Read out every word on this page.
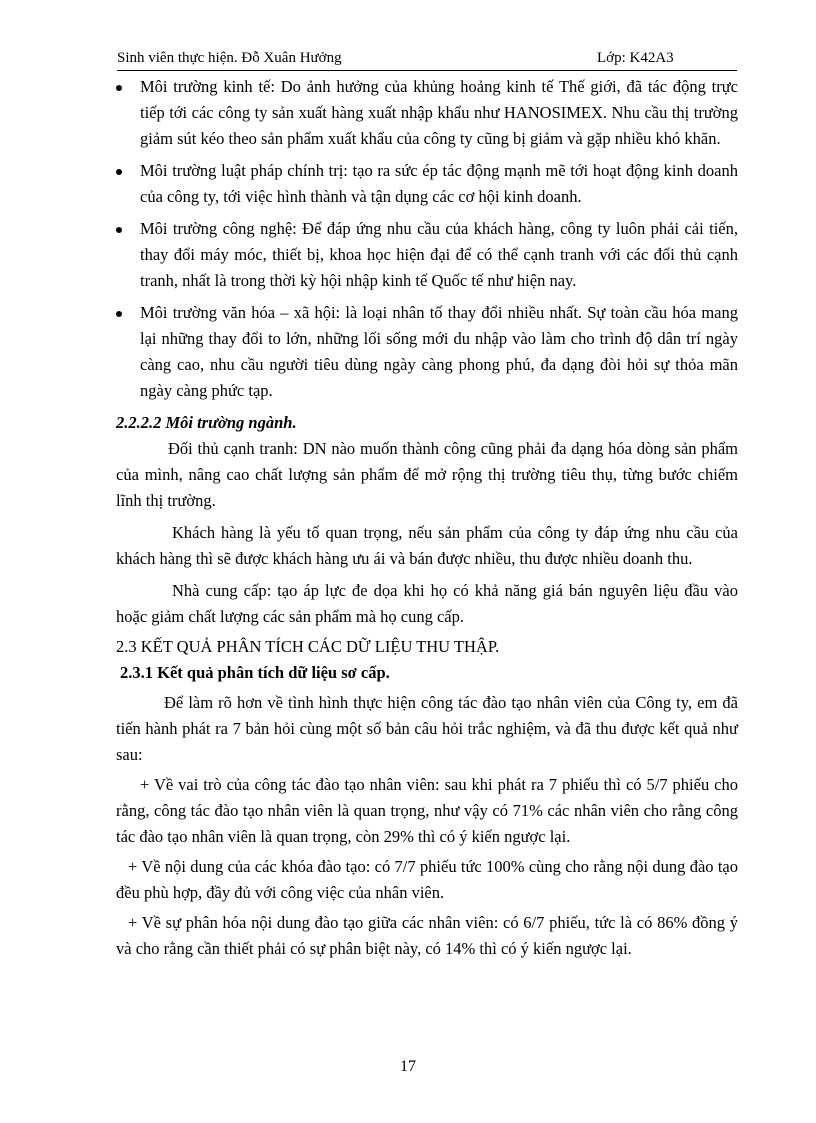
Sinh viên thực hiện. Đỗ Xuân Hưởng	Lớp: K42A3

Môi trường kinh tế: Do ảnh hưởng của khủng hoảng kinh tế Thế giới, đã tác động trực tiếp tới các công ty sản xuất hàng xuất nhập khẩu như HANOSIMEX. Nhu cầu thị trường giảm sút kéo theo sản phẩm xuất khẩu của công ty cũng bị giảm và gặp nhiều khó khăn.

Môi trường luật pháp chính trị: tạo ra sức ép tác động mạnh mẽ tới hoạt động kinh doanh của công ty, tới việc hình thành và tận dụng các cơ hội kinh doanh.

Môi trường công nghệ: Để đáp ứng nhu cầu của khách hàng, công ty luôn phải cải tiến, thay đổi máy móc, thiết bị, khoa học hiện đại để có thể cạnh tranh với các đối thủ cạnh tranh, nhất là trong thời kỳ hội nhập kinh tế Quốc tế như hiện nay.

Môi trường văn hóa – xã hội: là loại nhân tố thay đổi nhiều nhất. Sự toàn cầu hóa mang lại những thay đổi to lớn, những lối sống mới du nhập vào làm cho trình độ dân trí ngày càng cao, nhu cầu người tiêu dùng ngày càng phong phú, đa dạng đòi hỏi sự thỏa mãn ngày càng phức tạp.

2.2.2.2 Môi trường ngành.

Đối thủ cạnh tranh: DN nào muốn thành công cũng phải đa dạng hóa dòng sản phẩm của mình, nâng cao chất lượng sản phẩm để mở rộng thị trường tiêu thụ, từng bước chiếm lĩnh thị trường.

Khách hàng là yếu tố quan trọng, nếu sản phẩm của công ty đáp ứng nhu cầu của khách hàng thì sẽ được khách hàng ưu ái và bán được nhiều, thu được nhiều doanh thu.

Nhà cung cấp: tạo áp lực đe dọa khi họ có khả năng giá bán nguyên liệu đầu vào hoặc giảm chất lượng các sản phẩm mà họ cung cấp.

2.3 KẾT QUẢ PHÂN TÍCH CÁC DỮ LIỆU THU THẬP.

2.3.1 Kết quả phân tích dữ liệu sơ cấp.

Để làm rõ hơn về tình hình thực hiện công tác đào tạo nhân viên của Công ty, em đã tiến hành phát ra 7 bản hỏi cùng một số bản câu hỏi trắc nghiệm, và đã thu được kết quả như sau:

+ Về vai trò của công tác đào tạo nhân viên: sau khi phát ra 7 phiếu thì có 5/7 phiếu cho rằng, công tác đào tạo nhân viên là quan trọng, như vậy có 71% các nhân viên cho rằng công tác đào tạo nhân viên là quan trọng, còn 29% thì có ý kiến ngược lại.

+ Về nội dung của các khóa đào tạo: có 7/7 phiếu tức 100% cùng cho rằng nội dung đào tạo đều phù hợp, đầy đủ với công việc của nhân viên.

+ Về sự phân hóa nội dung đào tạo giữa các nhân viên: có 6/7 phiếu, tức là có 86% đồng ý và cho rằng cần thiết phải có sự phân biệt này, có 14% thì có ý kiến ngược lại.

17
